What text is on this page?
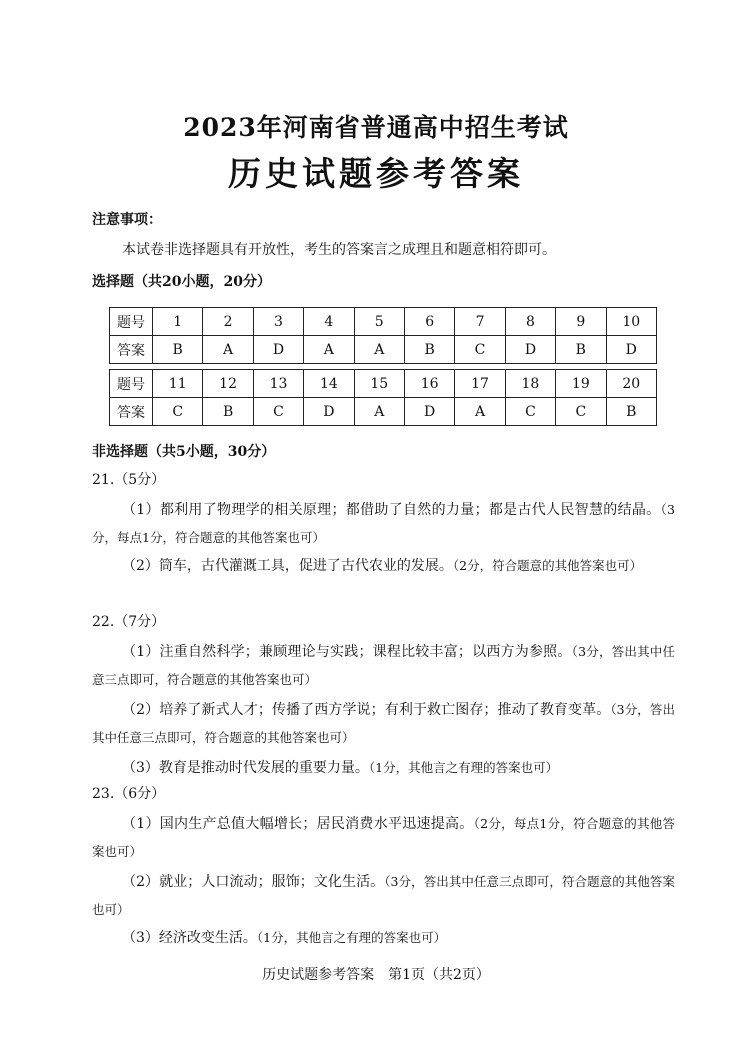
2023年河南省普通高中招生考试
历史试题参考答案
注意事项：
本试卷非选择题具有开放性，考生的答案言之成理且和题意相符即可。
选择题（共20小题，20分）
题号	1	2	3	4	5	6	7	8	9	10
答案	B	A	D	A	A	B	C	D	B	D
题号	11	12	13	14	15	16	17	18	19	20
答案	C	B	C	D	A	D	A	C	C	B
非选择题（共5小题，30分）
21.（5分）
（1）都利用了物理学的相关原理；都借助了自然的力量；都是古代人民智慧的结晶。（3分，每点1分，符合题意的其他答案也可）
（2）筒车，古代灌溉工具，促进了古代农业的发展。（2分，符合题意的其他答案也可）
22.（7分）
（1）注重自然科学；兼顾理论与实践；课程比较丰富；以西方为参照。（3分，答出其中任意三点即可，符合题意的其他答案也可）
（2）培养了新式人才；传播了西方学说；有利于救亡图存；推动了教育变革。（3分，答出其中任意三点即可，符合题意的其他答案也可）
（3）教育是推动时代发展的重要力量。（1分，其他言之有理的答案也可）
23.（6分）
（1）国内生产总值大幅增长；居民消费水平迅速提高。（2分，每点1分，符合题意的其他答案也可）
（2）就业；人口流动；服饰；文化生活。（3分，答出其中任意三点即可，符合题意的其他答案也可）
（3）经济改变生活。（1分，其他言之有理的答案也可）
历史试题参考答案　第1页（共2页）
